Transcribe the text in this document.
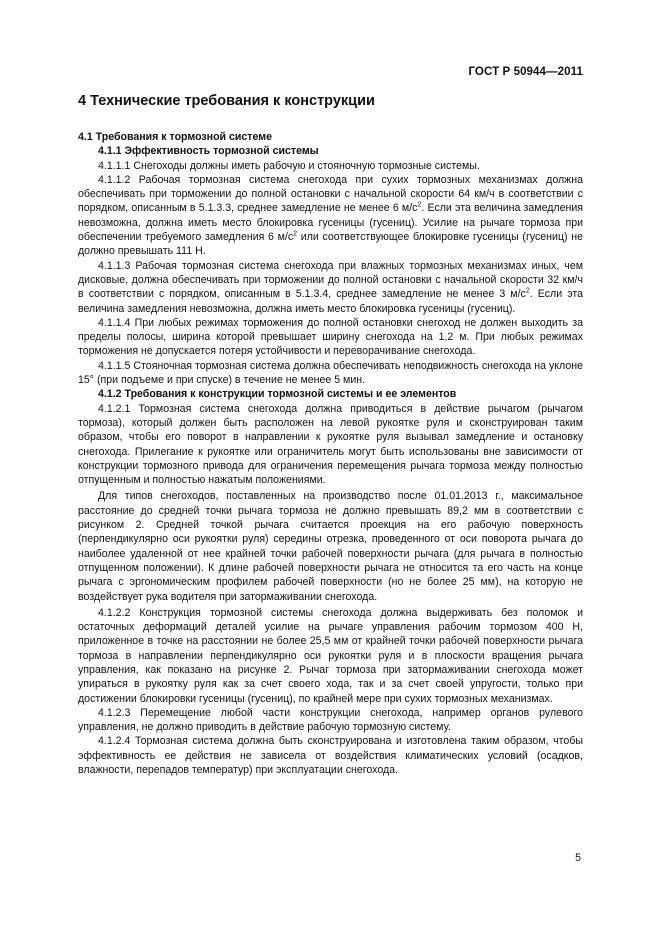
ГОСТ Р 50944—2011
4 Технические требования к конструкции

4.1 Требования к тормозной системе

4.1.1 Эффективность тормозной системы

4.1.1.1 Снегоходы должны иметь рабочую и стояночную тормозные системы.

4.1.1.2 Рабочая тормозная система снегохода при сухих тормозных механизмах должна обеспечивать при торможении до полной остановки с начальной скорости 64 км/ч в соответствии с порядком, описанным в 5.1.3.3, среднее замедление не менее 6 $м/с^2$. Если эта величина замедления невозможна, должна иметь место блокировка гусеницы (гусениц). Усилие на рычаге тормоза при обеспечении требуемого замедления 6 $м/с^2$ или соответствующее блокировке гусеницы (гусениц) не должно превышать 111 Н.

4.1.1.3 Рабочая тормозная система снегохода при влажных тормозных механизмах иных, чем дисковые, должна обеспечивать при торможении до полной остановки с начальной скорости 32 км/ч в соответствии с порядком, описанным в 5.1.3.4, среднее замедление не менее 3 $м/с^2$. Если эта величина замедления невозможна, должна иметь место блокировка гусеницы (гусениц).

4.1.1.4 При любых режимах торможения до полной остановки снегоход не должен выходить за пределы полосы, ширина которой превышает ширину снегохода на 1,2 м. При любых режимах торможения не допускается потеря устойчивости и переворачивание снегохода.

4.1.1.5 Стояночная тормозная система должна обеспечивать неподвижность снегохода на уклоне 15° (при подъеме и при спуске) в течение не менее 5 мин.

4.1.2 Требования к конструкции тормозной системы и ее элементов

4.1.2.1 Тормозная система снегохода должна приводиться в действие рычагом (рычагом тормоза), который должен быть расположен на левой рукоятке руля и сконструирован таким образом, чтобы его поворот в направлении к рукоятке руля вызывал замедление и остановку снегохода. Прилегание к рукоятке или ограничитель могут быть использованы вне зависимости от конструкции тормозного привода для ограничения перемещения рычага тормоза между полностью отпущенным и полностью нажатым положениями.

Для типов снегоходов, поставленных на производство после 01.01.2013 г., максимальное расстояние до средней точки рычага тормоза не должно превышать 89,2 мм в соответствии с рисунком 2. Средней точкой рычага считается проекция на его рабочую поверхность (перпендикулярно оси рукоятки руля) середины отрезка, проведенного от оси поворота рычага до наиболее удаленной от нее крайней точки рабочей поверхности рычага (для рычага в полностью отпущенном положении). К длине рабочей поверхности рычага не относится та его часть на конце рычага с эргономическим профилем рабочей поверхности (но не более 25 мм), на которую не воздействует рука водителя при затормаживании снегохода.

4.1.2.2 Конструкция тормозной системы снегохода должна выдерживать без поломок и остаточных деформаций деталей усилие на рычаге управления рабочим тормозом 400 Н, приложенное в точке на расстоянии не более 25,5 мм от крайней точки рабочей поверхности рычага тормоза в направлении перпендикулярно оси рукоятки руля и в плоскости вращения рычага управления, как показано на рисунке 2. Рычаг тормоза при затормаживании снегохода может упираться в рукоятку руля как за счет своего хода, так и за счет своей упругости, только при достижении блокировки гусеницы (гусениц), по крайней мере при сухих тормозных механизмах.

4.1.2.3 Перемещение любой части конструкции снегохода, например органов рулевого управления, не должно приводить в действие рабочую тормозную систему.

4.1.2.4 Тормозная система должна быть сконструирована и изготовлена таким образом, чтобы эффективность ее действия не зависела от воздействия климатических условий (осадков, влажности, перепадов температур) при эксплуатации снегохода.

5
